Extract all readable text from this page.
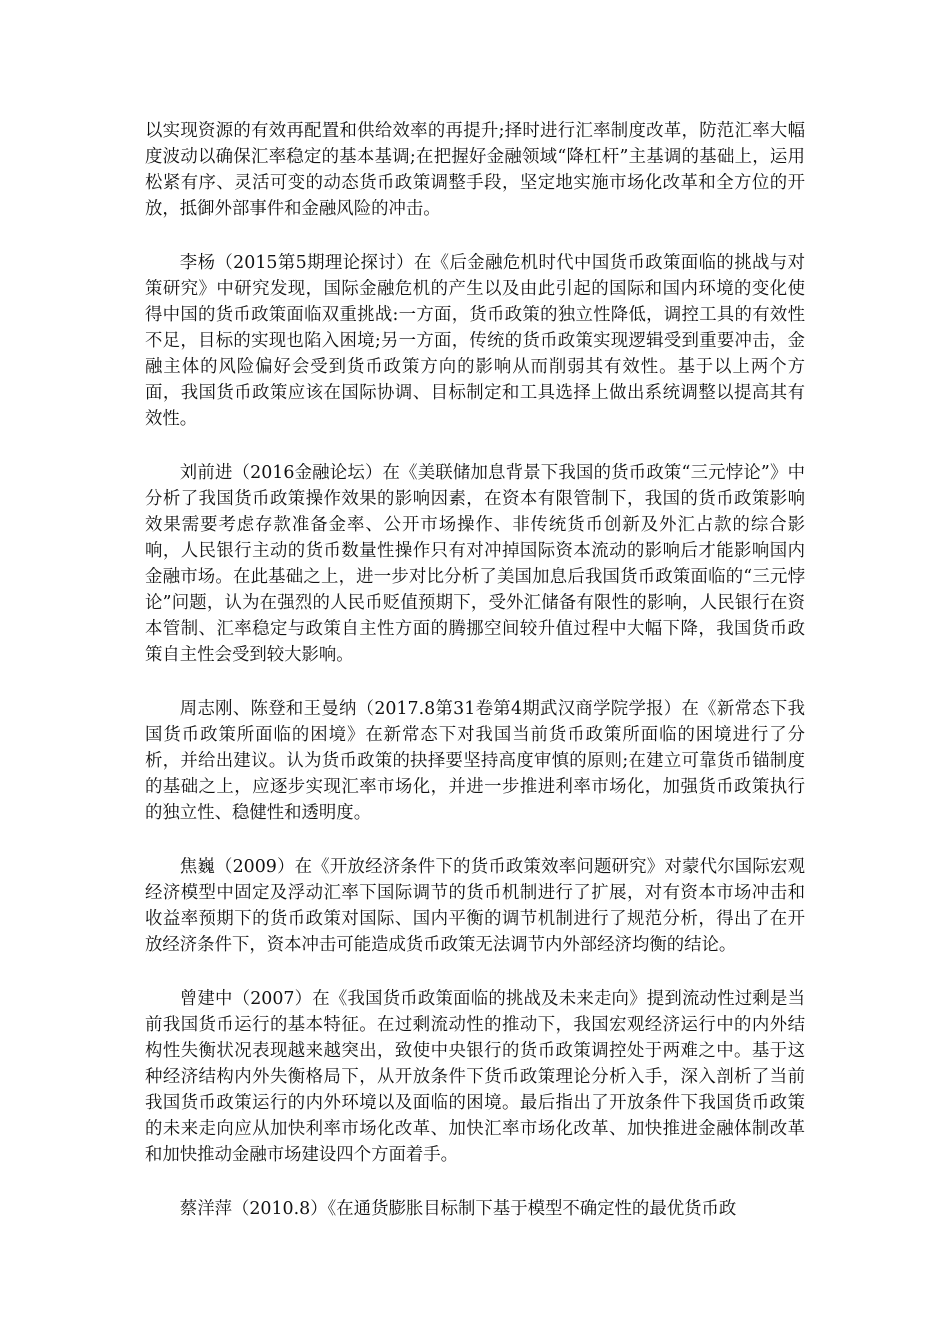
以实现资源的有效再配置和供给效率的再提升;择时进行汇率制度改革，防范汇率大幅度波动以确保汇率稳定的基本基调;在把握好金融领域“降杠杆”主基调的基础上，运用松紧有序、灵活可变的动态货币政策调整手段，坚定地实施市场化改革和全方位的开放，抵御外部事件和金融风险的冲击。

李杨（2015第5期理论探讨）在《后金融危机时代中国货币政策面临的挑战与对策研究》中研究发现，国际金融危机的产生以及由此引起的国际和国内环境的变化使得中国的货币政策面临双重挑战:一方面，货币政策的独立性降低，调控工具的有效性不足，目标的实现也陷入困境;另一方面，传统的货币政策实现逻辑受到重要冲击，金融主体的风险偏好会受到货币政策方向的影响从而削弱其有效性。基于以上两个方面，我国货币政策应该在国际协调、目标制定和工具选择上做出系统调整以提高其有效性。

刘前进（2016金融论坛）在《美联储加息背景下我国的货币政策“三元悖论”》中分析了我国货币政策操作效果的影响因素，在资本有限管制下，我国的货币政策影响效果需要考虑存款准备金率、公开市场操作、非传统货币创新及外汇占款的综合影响，人民银行主动的货币数量性操作只有对冲掉国际资本流动的影响后才能影响国内金融市场。在此基础之上，进一步对比分析了美国加息后我国货币政策面临的“三元悖论”问题，认为在强烈的人民币贬值预期下，受外汇储备有限性的影响，人民银行在资本管制、汇率稳定与政策自主性方面的腾挪空间较升值过程中大幅下降，我国货币政策自主性会受到较大影响。

周志刚、陈登和王曼纳（2017.8第31卷第4期武汉商学院学报）在《新常态下我国货币政策所面临的困境》在新常态下对我国当前货币政策所面临的困境进行了分析，并给出建议。认为货币政策的抉择要坚持高度审慎的原则;在建立可靠货币锚制度的基础之上，应逐步实现汇率市场化，并进一步推进利率市场化，加强货币政策执行的独立性、稳健性和透明度。

焦巍（2009）在《开放经济条件下的货币政策效率问题研究》对蒙代尔国际宏观经济模型中固定及浮动汇率下国际调节的货币机制进行了扩展，对有资本市场冲击和收益率预期下的货币政策对国际、国内平衡的调节机制进行了规范分析，得出了在开放经济条件下，资本冲击可能造成货币政策无法调节内外部经济均衡的结论。

曾建中（2007）在《我国货币政策面临的挑战及未来走向》提到流动性过剩是当前我国货币运行的基本特征。在过剩流动性的推动下，我国宏观经济运行中的内外结构性失衡状况表现越来越突出，致使中央银行的货币政策调控处于两难之中。基于这种经济结构内外失衡格局下，从开放条件下货币政策理论分析入手，深入剖析了当前我国货币政策运行的内外环境以及面临的困境。最后指出了开放条件下我国货币政策的未来走向应从加快利率市场化改革、加快汇率市场化改革、加快推进金融体制改革和加快推动金融市场建设四个方面着手。

蔡洋萍（2010.8）《在通货膨胀目标制下基于模型不确定性的最优货币政
